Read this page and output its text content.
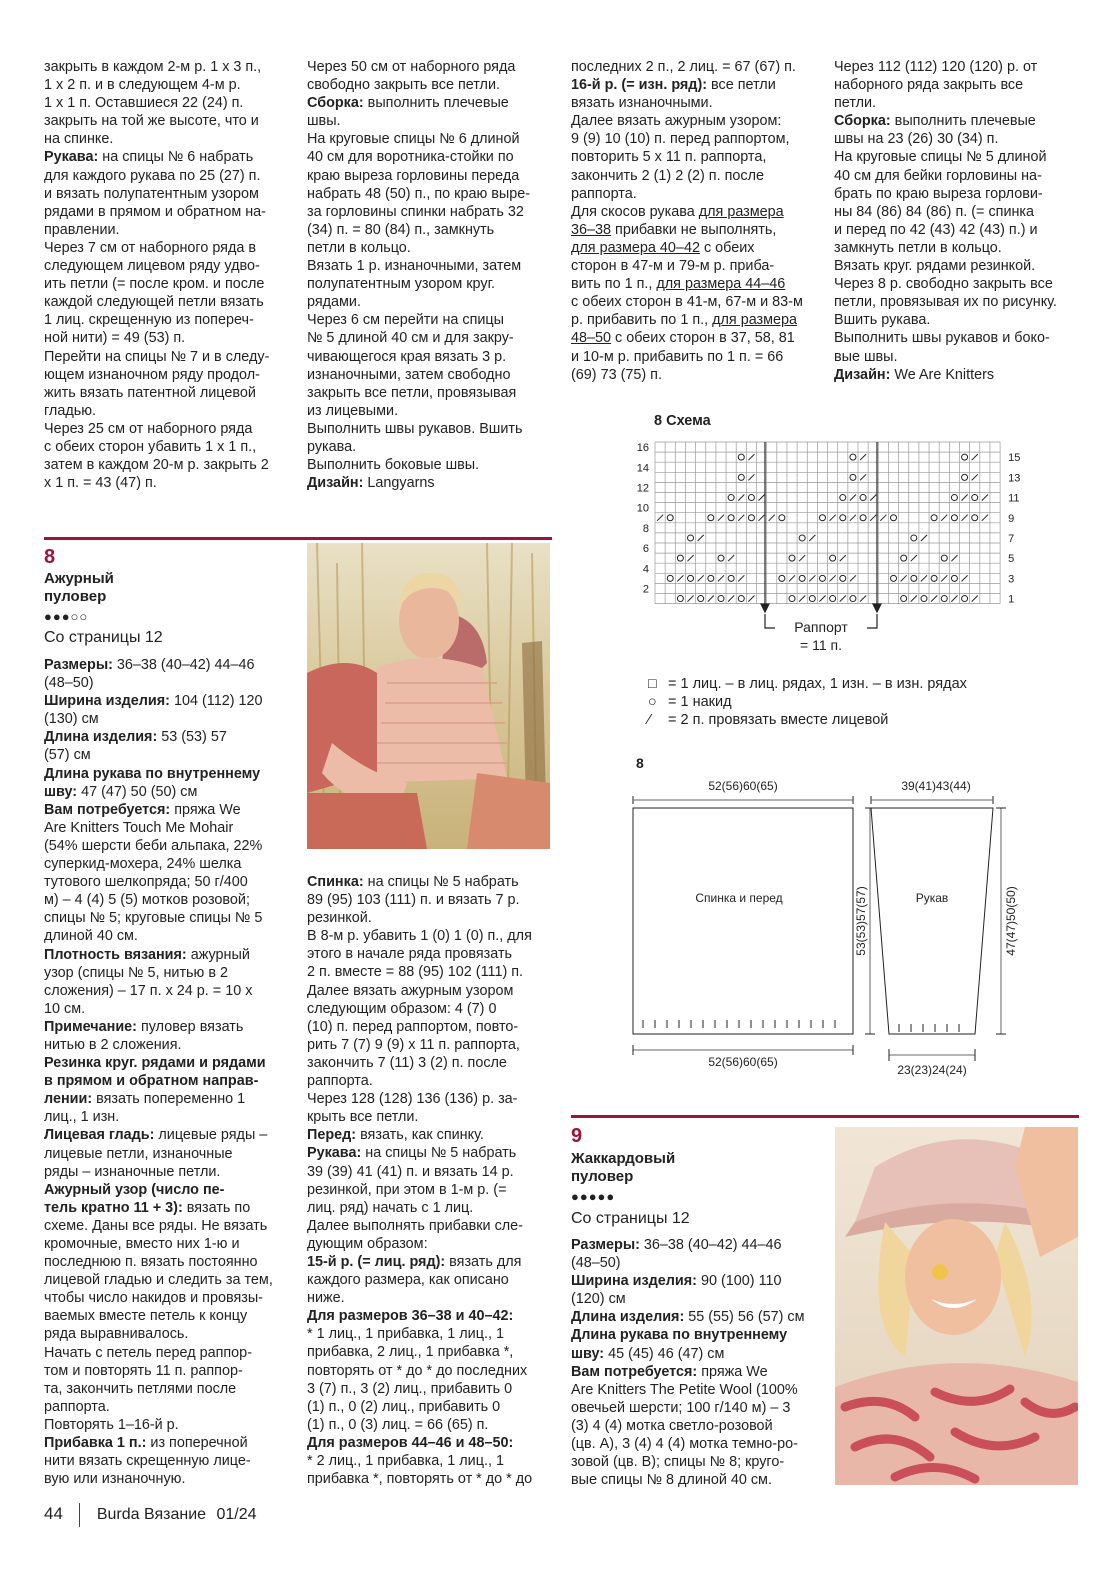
закрыть в каждом 2-м р. 1 х 3 п.,

1 х 2 п. и в следующем 4-м р.

1 х 1 п. Оставшиеся 22 (24) п.

закрыть на той же высоте, что и

на спинке.

Рукава: на спицы № 6 набрать

для каждого рукава по 25 (27) п.

и вязать полупатентным узором

рядами в прямом и обратном на-

правлении.

Через 7 см от наборного ряда в

следующем лицевом ряду удво-

ить петли (= после кром. и после

каждой следующей петли вязать

1 лиц. скрещенную из попереч-

ной нити) = 49 (53) п.

Перейти на спицы № 7 и в следу-

ющем изнаночном ряду продол-

жить вязать патентной лицевой

гладью.

Через 25 см от наборного ряда

с обеих сторон убавить 1 х 1 п.,

затем в каждом 20-м р. закрыть 2

х 1 п. = 43 (47) п.

Через 50 см от наборного ряда

свободно закрыть все петли.

Сборка: выполнить плечевые

швы.

На круговые спицы № 6 длиной

40 см для воротника-стойки по

краю выреза горловины переда

набрать 48 (50) п., по краю выре-

за горловины спинки набрать 32

(34) п. = 80 (84) п., замкнуть

петли в кольцо.

Вязать 1 р. изнаночными, затем

полупатентным узором круг.

рядами.

Через 6 см перейти на спицы

№ 5 длиной 40 см и для закру-

чивающегося края вязать 3 р.

изнаночными, затем свободно

закрыть все петли, провязывая

из лицевыми.

Выполнить швы рукавов. Вшить

рукава.

Выполнить боковые швы.

Дизайн: Langyarns

последних 2 п., 2 лиц. = 67 (67) п.

16-й р. (= изн. ряд): все петли

вязать изнаночными.

Далее вязать ажурным узором:

9 (9) 10 (10) п. перед раппортом,

повторить 5 х 11 п. раппорта,

закончить 2 (1) 2 (2) п. после

раппорта.

Для скосов рукава для размера

36–38 прибавки не выполнять,

для размера 40–42 с обеих

сторон в 47-м и 79-м р. приба-

вить по 1 п., для размера 44–46

с обеих сторон в 41-м, 67-м и 83-м

р. прибавить по 1 п., для размера

48–50 с обеих сторон в 37, 58, 81

и 10-м р. прибавить по 1 п. = 66

(69) 73 (75) п.

Через 112 (112) 120 (120) р. от

наборного ряда закрыть все

петли.

Сборка: выполнить плечевые

швы на 23 (26) 30 (34) п.

На круговые спицы № 5 длиной

40 см для бейки горловины на-

брать по краю выреза горлови-

ны 84 (86) 84 (86) п. (= спинка

и перед по 42 (43) 42 (43) п.) и

замкнуть петли в кольцо.

Вязать круг. рядами резинкой.

Через 8 р. свободно закрыть все

петли, провязывая их по рисунку.

Вшить рукава.

Выполнить швы рукавов и боко-

вые швы.

Дизайн: We Are Knitters

8
Ажурный
пуловер
●●●○○
Со страницы 12

Размеры: 36–38 (40–42) 44–46

(48–50)

Ширина изделия: 104 (112) 120

(130) см

Длина изделия: 53 (53) 57

(57) см

Длина рукава по внутреннему

шву: 47 (47) 50 (50) см

Вам потребуется: пряжа We

Are Knitters Touch Me Mohair

(54% шерсти беби альпака, 22%

суперкид-мохера, 24% шелка

тутового шелкопряда; 50 г/400

м) – 4 (4) 5 (5) мотков розовой;

спицы № 5; круговые спицы № 5

длиной 40 см.

Плотность вязания: ажурный

узор (спицы № 5, нитью в 2

сложения) – 17 п. х 24 р. = 10 х

10 см.

Примечание: пуловер вязать

нитью в 2 сложения.

Резинка круг. рядами и рядами

в прямом и обратном направ-

лении: вязать попеременно 1

лиц., 1 изн.

Лицевая гладь: лицевые ряды –

лицевые петли, изнаночные

ряды – изнаночные петли.

Ажурный узор (число пе-

тель кратно 11 + 3): вязать по

схеме. Даны все ряды. Не вязать

кромочные, вместо них 1-ю и

последнюю п. вязать постоянно

лицевой гладью и следить за тем,

чтобы число накидов и провязы-

ваемых вместе петель к концу

ряда выравнивалось.

Начать с петель перед раппор-

том и повторять 11 п. раппор-

та, закончить петлями после

раппорта.

Повторять 1–16-й р.

Прибавка 1 п.: из поперечной

нити вязать скрещенную лице-

вую или изнаночную.

Спинка: на спицы № 5 набрать

89 (95) 103 (111) п. и вязать 7 р.

резинкой.

В 8-м р. убавить 1 (0) 1 (0) п., для

этого в начале ряда провязать

2 п. вместе = 88 (95) 102 (111) п.

Далее вязать ажурным узором

следующим образом: 4 (7) 0

(10) п. перед раппортом, повто-

рить 7 (7) 9 (9) х 11 п. раппорта,

закончить 7 (11) 3 (2) п. после

раппорта.

Через 128 (128) 136 (136) р. за-

крыть все петли.

Перед: вязать, как спинку.

Рукава: на спицы № 5 набрать

39 (39) 41 (41) п. и вязать 14 р.

резинкой, при этом в 1-м р. (=

лиц. ряд) начать с 1 лиц.

Далее выполнять прибавки сле-

дующим образом:

15-й р. (= лиц. ряд): вязать для

каждого размера, как описано

ниже.

Для размеров 36–38 и 40–42:

* 1 лиц., 1 прибавка, 1 лиц., 1

прибавка, 2 лиц., 1 прибавка *,

повторять от * до * до последних

3 (7) п., 3 (2) лиц., прибавить 0

(1) п., 0 (2) лиц., прибавить 0

(1) п., 0 (3) лиц. = 66 (65) п.

Для размеров 44–46 и 48–50:

* 2 лиц., 1 прибавка, 1 лиц., 1

прибавка *, повторять от * до * до

8 Схема
16
14
12
10
8
6
4
2
15
13
11
9
7
5
3
1
Раппорт
= 11 п.
□ = 1 лиц. – в лиц. рядах, 1 изн. – в изн. рядах
○ = 1 накид
⁄ = 2 п. провязать вместе лицевой
8
52(56)60(65)
52(56)60(65)
Спинка и перед	53(53)57(57)
39(41)43(44)
23(23)24(24)
Рукав	47(47)50(50)
9
Жаккардовый
пуловер
●●●●●
Со страницы 12

Размеры: 36–38 (40–42) 44–46

(48–50)

Ширина изделия: 90 (100) 110

(120) см

Длина изделия: 55 (55) 56 (57) см

Длина рукава по внутреннему

шву: 45 (45) 46 (47) см

Вам потребуется: пряжа We

Are Knitters The Petite Wool (100%

овечьей шерсти; 100 г/140 м) – 3

(3) 4 (4) мотка светло-розовой

(цв. А), 3 (4) 4 (4) мотка темно-ро-

зовой (цв. В); спицы № 8; круго-

вые спицы № 8 длиной 40 см.

44 Burda Вязание 01/24
